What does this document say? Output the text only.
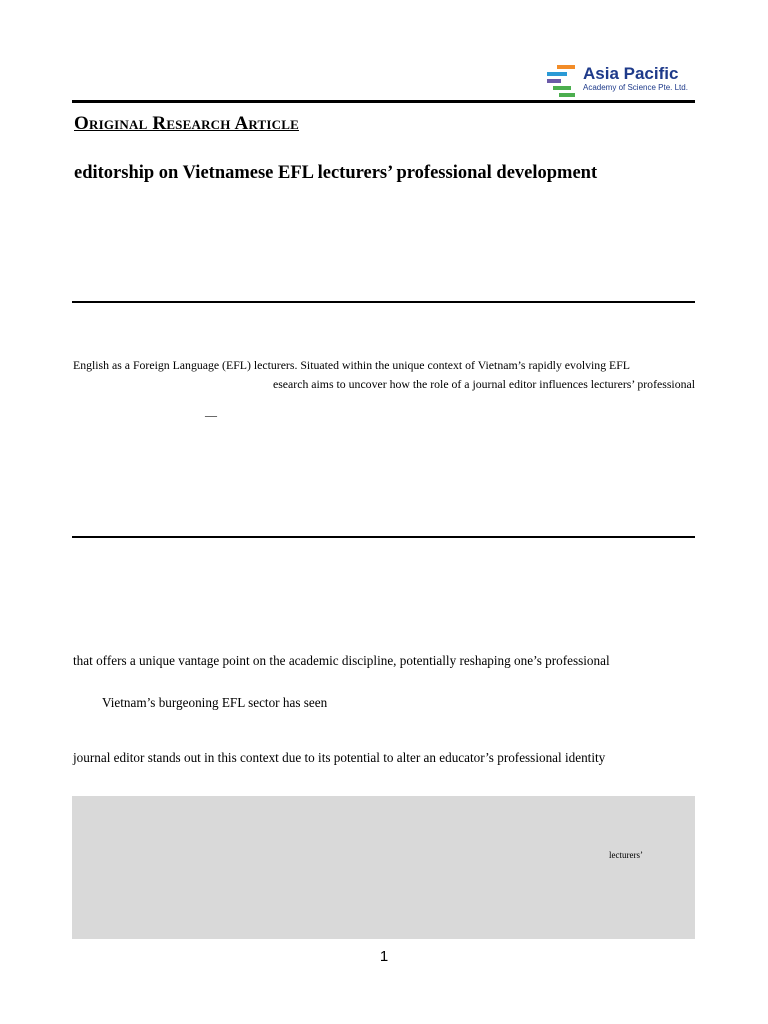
Asia Pacific
Academy of Science Pte. Ltd.
Original Research Article
editorship on Vietnamese EFL lecturers’ professional development
English as a Foreign Language (EFL) lecturers. Situated within the unique context of Vietnam’s rapidly evolving EFL
esearch aims to uncover how the role of a journal editor influences lecturers’ professional
—
that offers a unique vantage point on the academic discipline, potentially reshaping one’s professional
Vietnam’s burgeoning EFL sector has seen
journal editor stands out in this context due to its potential to alter an educator’s professional identity
lecturers’
1
